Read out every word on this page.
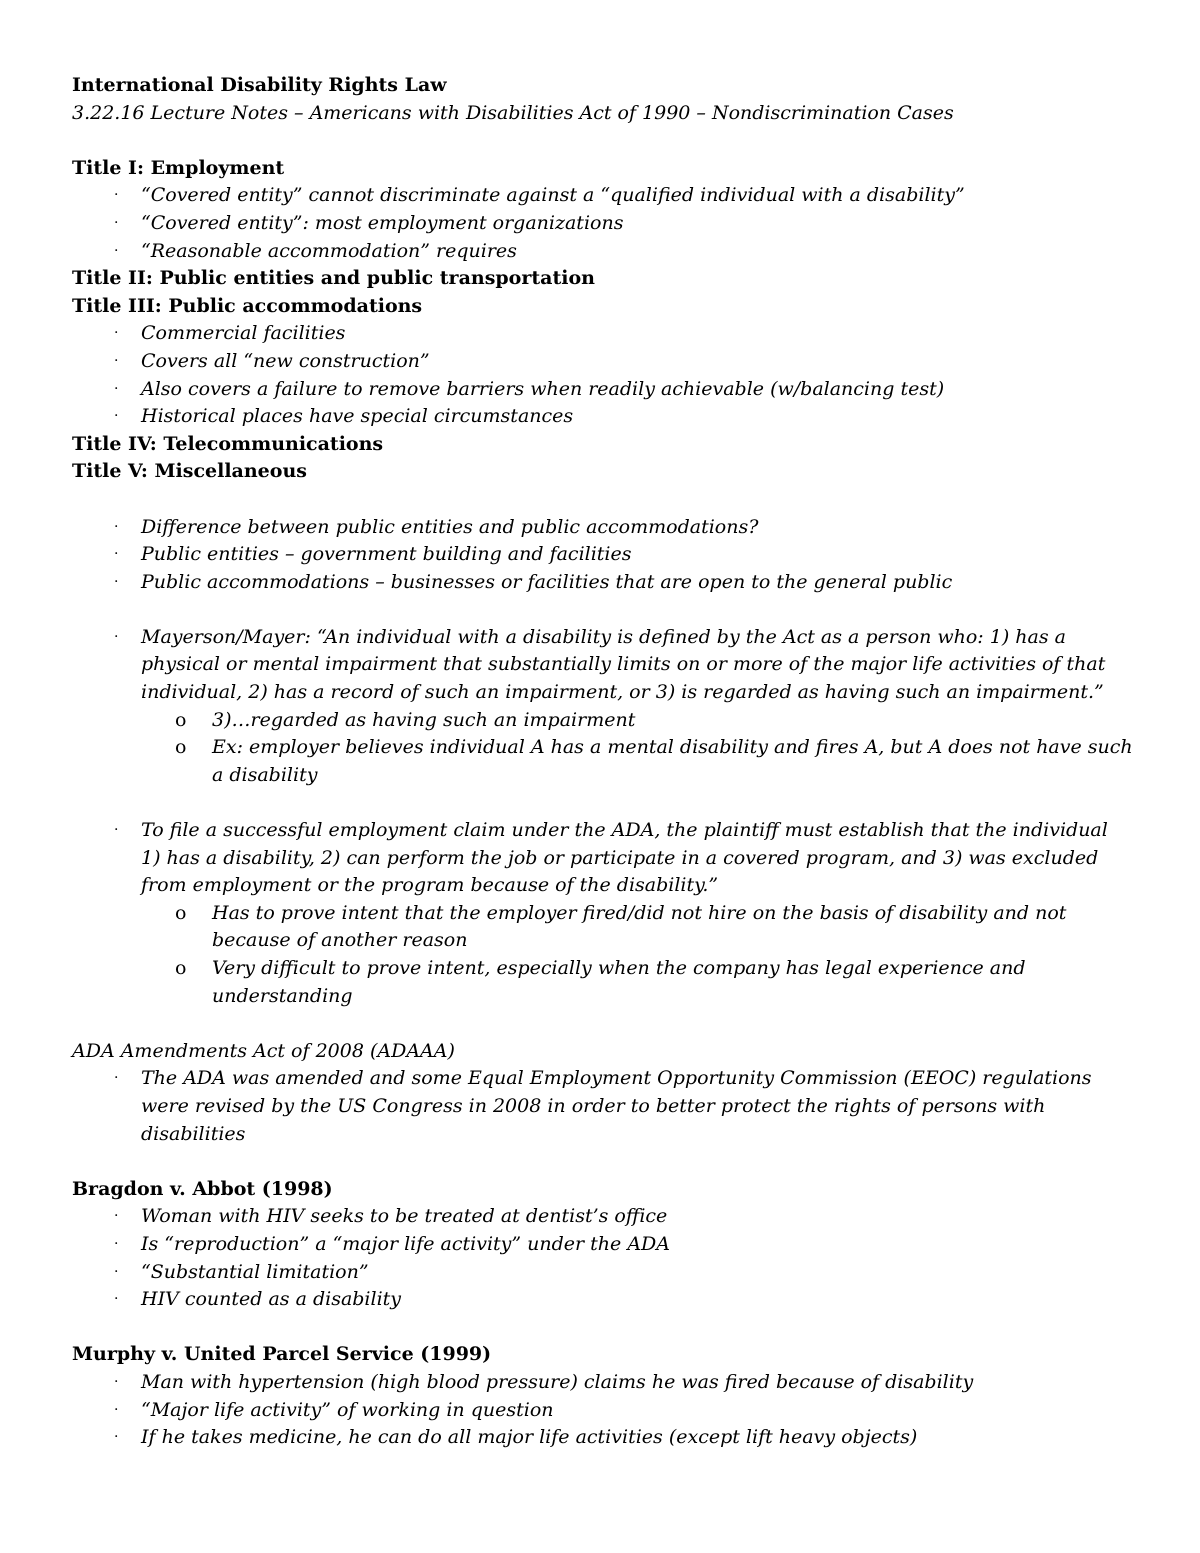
International Disability Rights Law

3.22.16 Lecture Notes – Americans with Disabilities Act of 1990 – Nondiscrimination Cases

Title I: Employment

· “Covered entity” cannot discriminate against a “qualified individual with a disability”
· “Covered entity”: most employment organizations
· “Reasonable accommodation” requires

Title II: Public entities and public transportation

Title III: Public accommodations

· Commercial facilities
· Covers all “new construction”
· Also covers a failure to remove barriers when readily achievable (w/balancing test)
· Historical places have special circumstances

Title IV: Telecommunications

Title V: Miscellaneous

· Difference between public entities and public accommodations?
· Public entities – government building and facilities
· Public accommodations – businesses or facilities that are open to the general public
· Mayerson/Mayer: “An individual with a disability is defined by the Act as a person who: 1) has a physical or mental impairment that substantially limits on or more of the major life activities of that individual, 2) has a record of such an impairment, or 3) is regarded as having such an impairment.”
o 3)…regarded as having such an impairment
o Ex: employer believes individual A has a mental disability and fires A, but A does not have such a disability
· To file a successful employment claim under the ADA, the plaintiff must establish that the individual 1) has a disability, 2) can perform the job or participate in a covered program, and 3) was excluded from employment or the program because of the disability.”
o Has to prove intent that the employer fired/did not hire on the basis of disability and not because of another reason
o Very difficult to prove intent, especially when the company has legal experience and understanding

ADA Amendments Act of 2008 (ADAAA)

· The ADA was amended and some Equal Employment Opportunity Commission (EEOC) regulations were revised by the US Congress in 2008 in order to better protect the rights of persons with disabilities

Bragdon v. Abbot (1998)

· Woman with HIV seeks to be treated at dentist’s office
· Is “reproduction” a “major life activity” under the ADA
· “Substantial limitation”
· HIV counted as a disability

Murphy v. United Parcel Service (1999)

· Man with hypertension (high blood pressure) claims he was fired because of disability
· “Major life activity” of working in question
· If he takes medicine, he can do all major life activities (except lift heavy objects)
